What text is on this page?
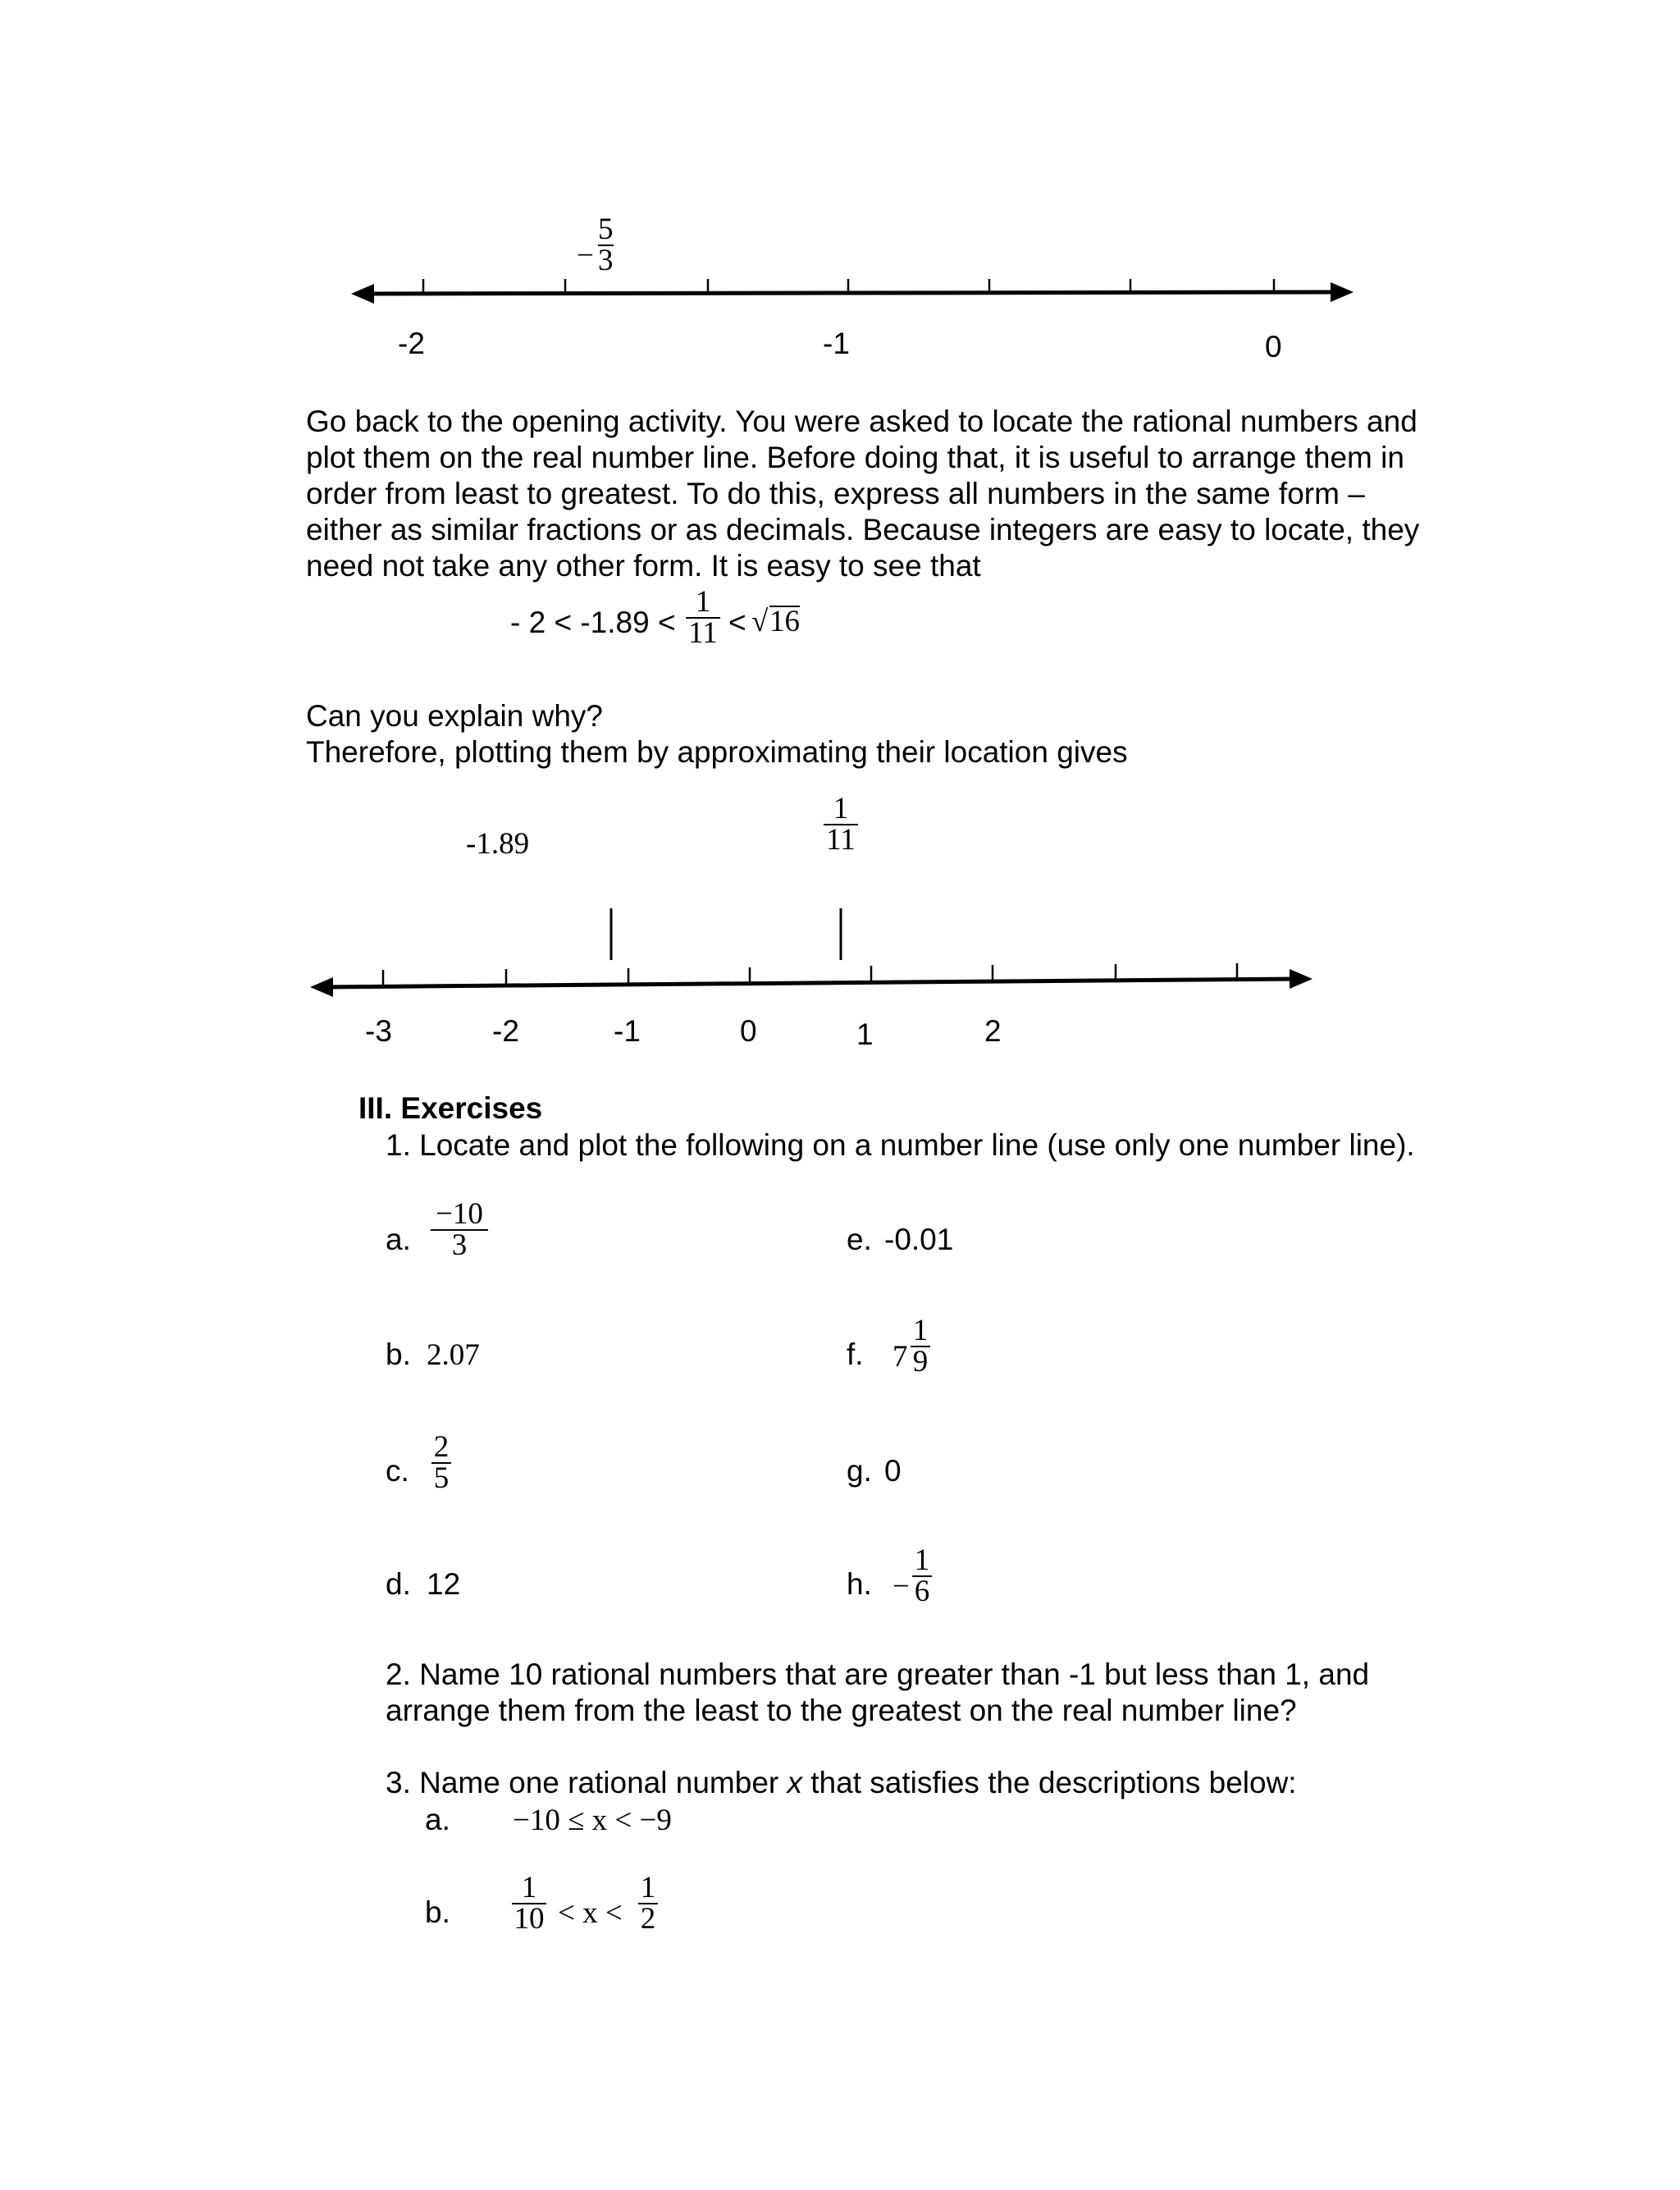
−
5
3
-2	-1	0
Go back to the opening activity. You were asked to locate the rational numbers and
plot them on the real number line. Before doing that, it is useful to arrange them in
order from least to greatest. To do this, express all numbers in the same form –
either as similar fractions or as decimals. Because integers are easy to locate, they
need not take any other form. It is easy to see that
- 2 < -1.89 <
1
11 < √ 16
Can you explain why?
Therefore, plotting them by approximating their location gives
-1.89
1
11
-3	-2	-1	0	1	2
III. Exercises
1. Locate and plot the following on a number line (use only one number line).
a.
−10
3	e. -0.01
b. 2.07	f. 7
1
9
c.
2
5	g. 0
d. 12	h. −
1
6
2. Name 10 rational numbers that are greater than -1 but less than 1, and
arrange them from the least to the greatest on the real number line?
3. Name one rational number x that satisfies the descriptions below:
a. −10 ≤ x < −9
b.
1
10 < x <
1
2
